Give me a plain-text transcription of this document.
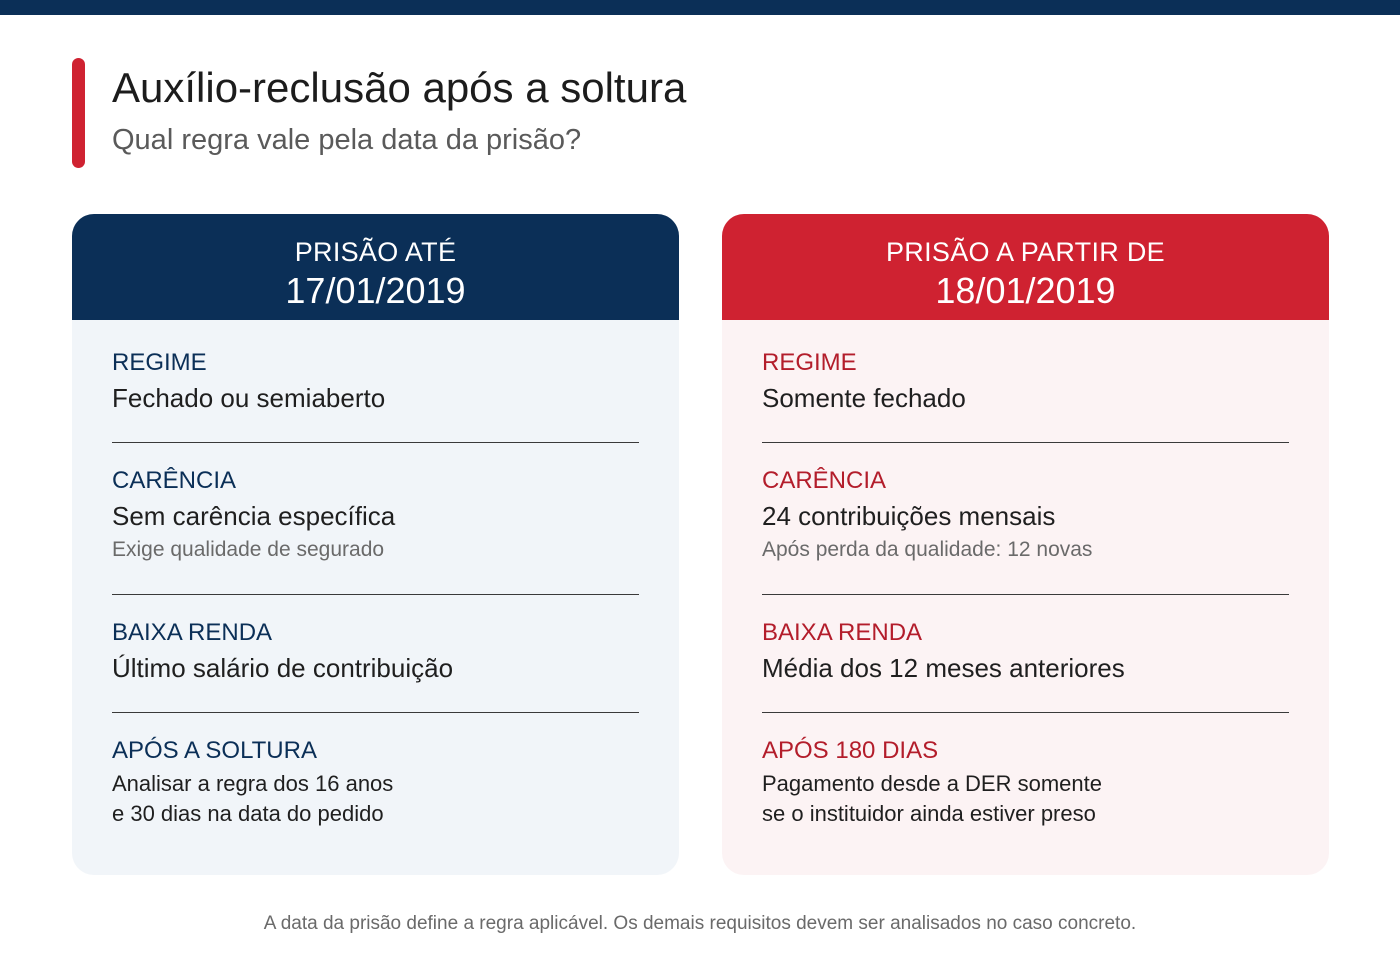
Auxílio-reclusão após a soltura
Qual regra vale pela data da prisão?
PRISÃO ATÉ
17/01/2019
REGIME
Fechado ou semiaberto
CARÊNCIA
Sem carência específica
Exige qualidade de segurado
BAIXA RENDA
Último salário de contribuição
APÓS A SOLTURA
Analisar a regra dos 16 anos
e 30 dias na data do pedido
PRISÃO A PARTIR DE
18/01/2019
REGIME
Somente fechado
CARÊNCIA
24 contribuições mensais
Após perda da qualidade: 12 novas
BAIXA RENDA
Média dos 12 meses anteriores
APÓS 180 DIAS
Pagamento desde a DER somente
se o instituidor ainda estiver preso
A data da prisão define a regra aplicável. Os demais requisitos devem ser analisados no caso concreto.
